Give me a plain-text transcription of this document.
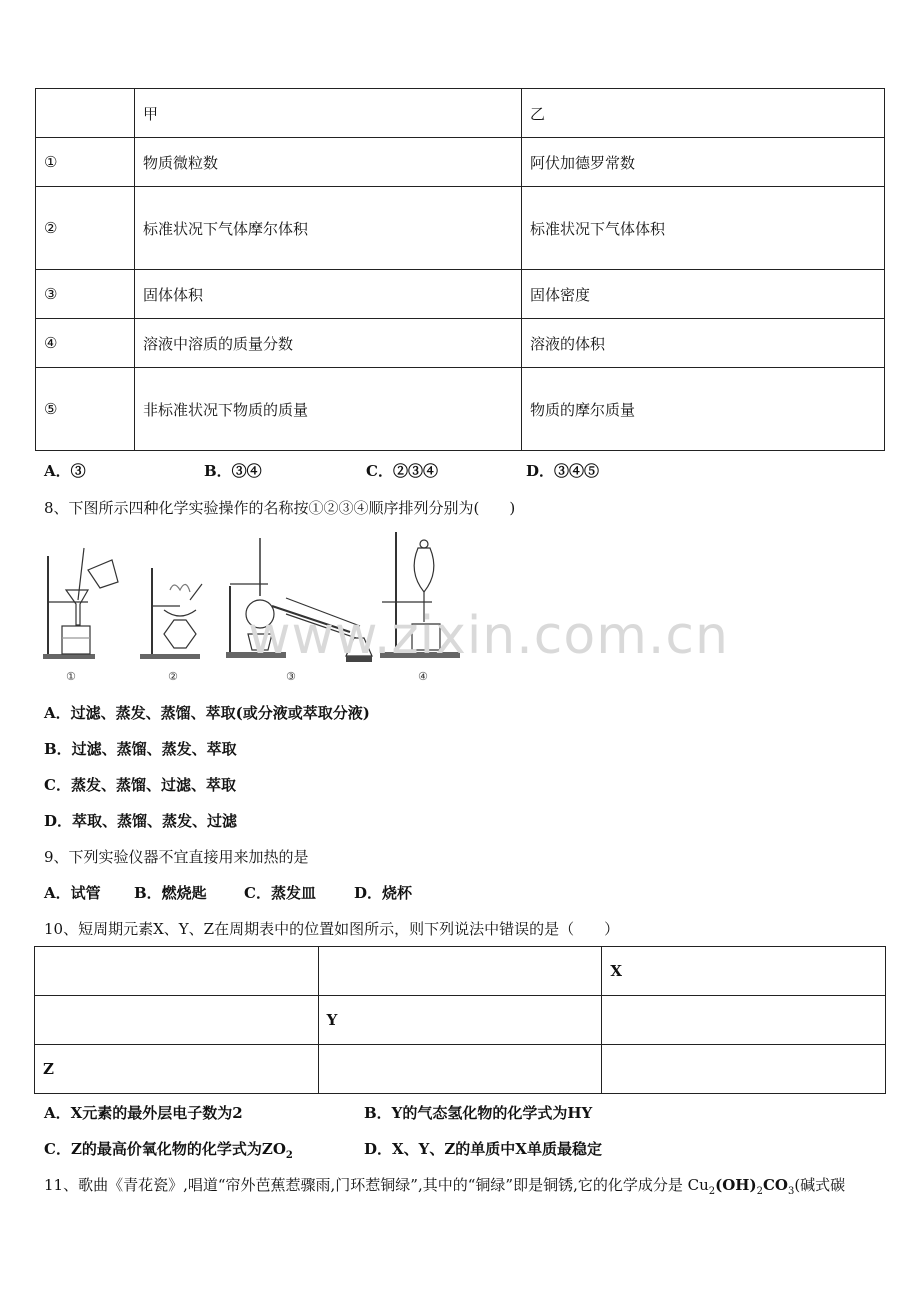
	甲	乙
①	物质微粒数	阿伏加德罗常数
②	标准状况下气体摩尔体积	标准状况下气体体积
③	固体体积	固体密度
④	溶液中溶质的质量分数	溶液的体积
⑤	非标准状况下物质的质量	物质的摩尔质量
A．③	B．③④	C．②③④	D．③④⑤
8、下图所示四种化学实验操作的名称按①②③④顺序排列分别为(　　)
①	②	③	④
www.zixin.com.cn
A．过滤、蒸发、蒸馏、萃取(或分液或萃取分液)
B．过滤、蒸馏、蒸发、萃取
C．蒸发、蒸馏、过滤、萃取
D．萃取、蒸馏、蒸发、过滤
9、下列实验仪器不宜直接用来加热的是
A．试管 B．燃烧匙 C．蒸发皿	D．烧杯
10、短周期元素X、Y、Z在周期表中的位置如图所示，则下列说法中错误的是（　　）
		X
	Y	
Z		
A．X元素的最外层电子数为2	B．Y的气态氢化物的化学式为HY
C．Z的最高价氧化物的化学式为$ZO_2$	D．X、Y、Z的单质中X单质最稳定
11、歌曲《青花瓷》,唱道“帘外芭蕉惹骤雨,门环惹铜绿”,其中的“铜绿”即是铜锈,它的化学成分是 $Cu_2(OH)_2CO_3$(碱式碳
